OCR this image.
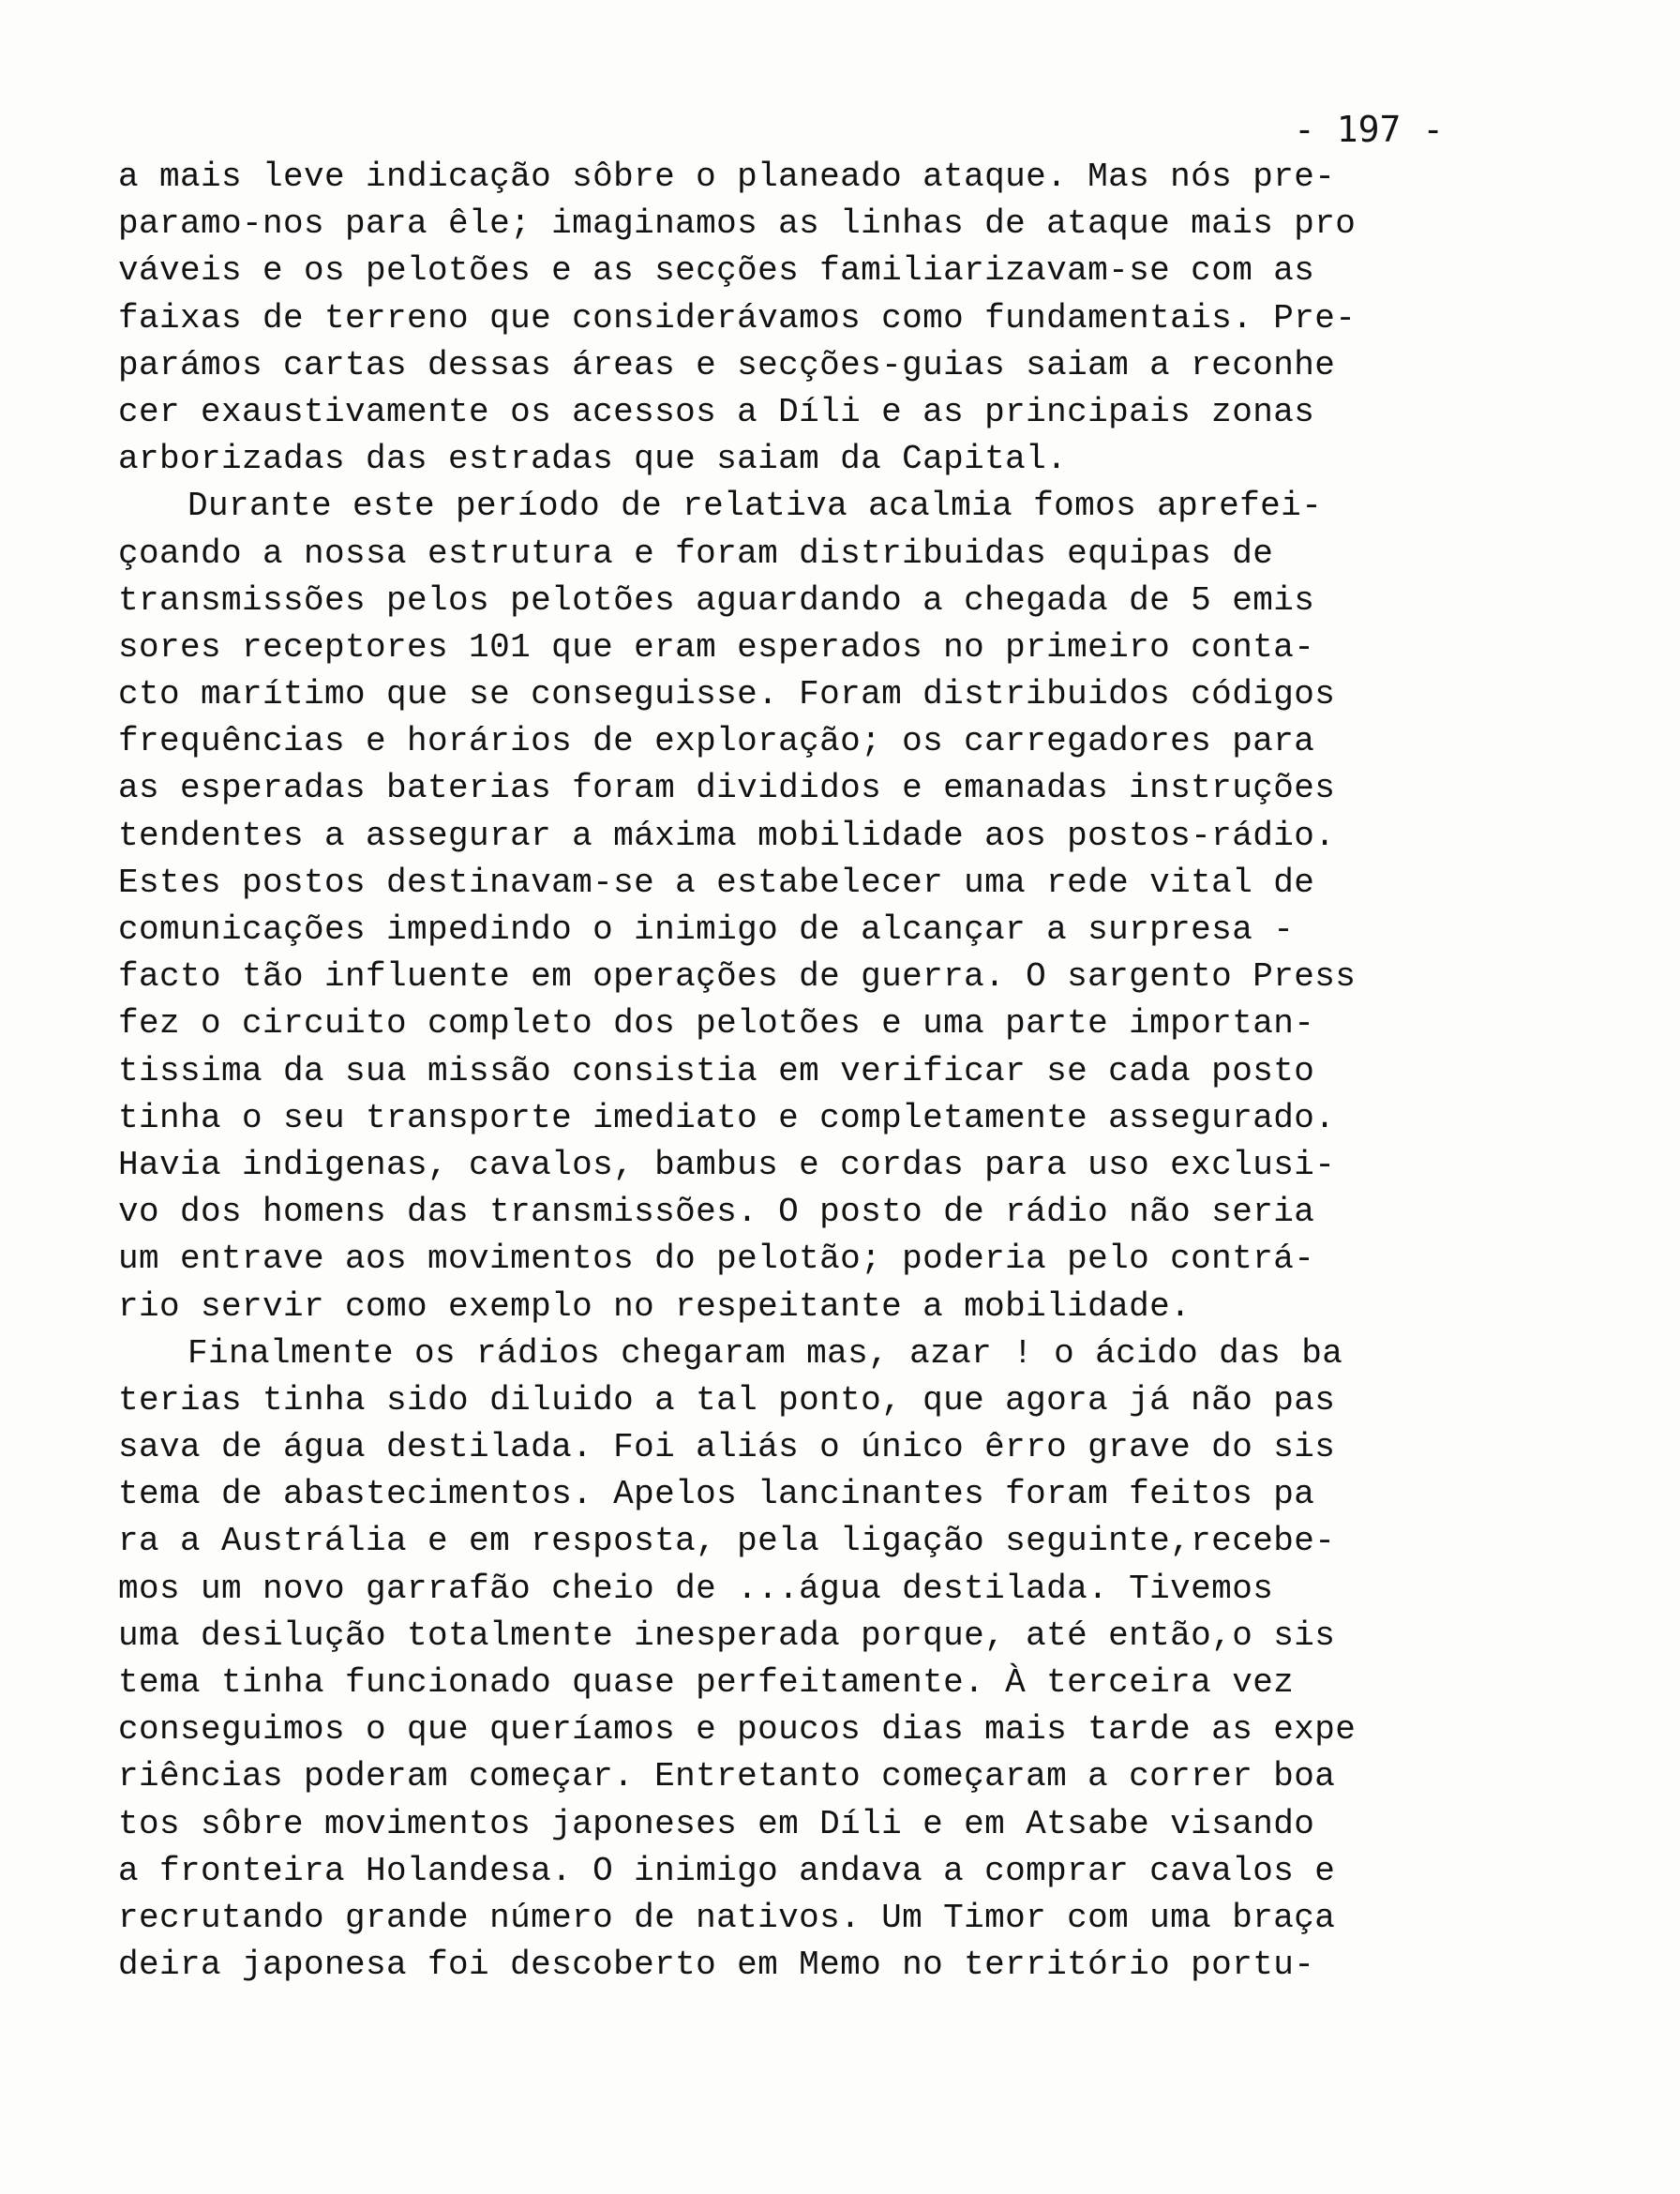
- 197 -
a mais leve indicação sôbre o planeado ataque. Mas nós pre-
paramo-nos para êle; imaginamos as linhas de ataque mais pro
váveis e os pelotões e as secções familiarizavam-se com as
faixas de terreno que considerávamos como fundamentais. Pre-
parámos cartas dessas áreas e secções-guias saiam a reconhe
cer exaustivamente os acessos a Díli e as principais zonas
arborizadas das estradas que saiam da Capital.
Durante este período de relativa acalmia fomos aprefei-
çoando a nossa estrutura e foram distribuidas equipas de
transmissões pelos pelotões aguardando a chegada de 5 emis
sores receptores 101 que eram esperados no primeiro conta-
cto marítimo que se conseguisse. Foram distribuidos códigos
frequências e horários de exploração; os carregadores para
as esperadas baterias foram divididos e emanadas instruções
tendentes a assegurar a máxima mobilidade aos postos-rádio.
Estes postos destinavam-se a estabelecer uma rede vital de
comunicações impedindo o inimigo de alcançar a surpresa -
facto tão influente em operações de guerra. O sargento Press
fez o circuito completo dos pelotões e uma parte importan-
tissima da sua missão consistia em verificar se cada posto
tinha o seu transporte imediato e completamente assegurado.
Havia indigenas, cavalos, bambus e cordas para uso exclusi-
vo dos homens das transmissões. O posto de rádio não seria
um entrave aos movimentos do pelotão; poderia pelo contrá-
rio servir como exemplo no respeitante a mobilidade.
Finalmente os rádios chegaram mas, azar ! o ácido das ba
terias tinha sido diluido a tal ponto, que agora já não pas
sava de água destilada. Foi aliás o único êrro grave do sis
tema de abastecimentos. Apelos lancinantes foram feitos pa
ra a Austrália e em resposta, pela ligação seguinte,recebe-
mos um novo garrafão cheio de ...água destilada. Tivemos
uma desilução totalmente inesperada porque, até então,o sis
tema tinha funcionado quase perfeitamente. À terceira vez
conseguimos o que queríamos e poucos dias mais tarde as expe
riências poderam começar. Entretanto começaram a correr boa
tos sôbre movimentos japoneses em Díli e em Atsabe visando
a fronteira Holandesa. O inimigo andava a comprar cavalos e
recrutando grande número de nativos. Um Timor com uma braça
deira japonesa foi descoberto em Memo no território portu-
